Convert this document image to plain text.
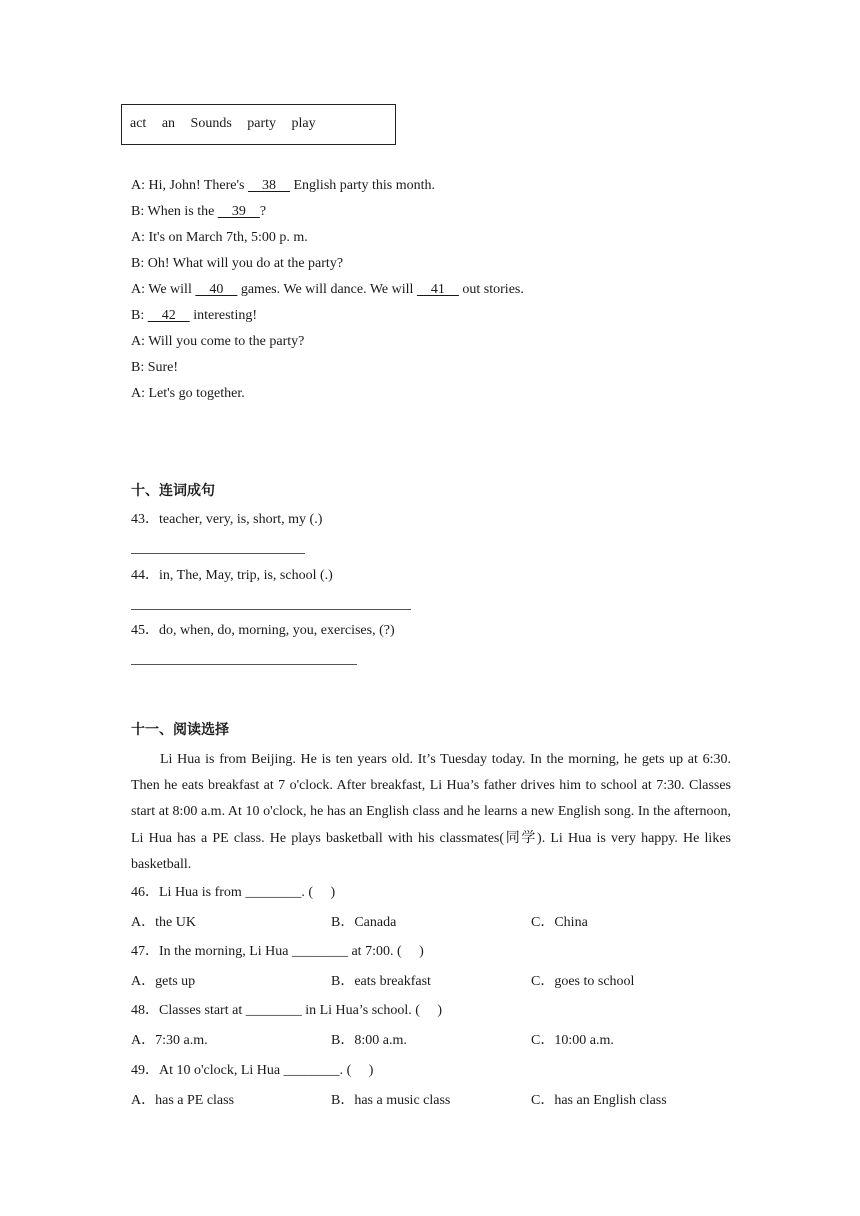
act an Sounds party play
A: Hi, John! There's     38     English party this month.
B: When is the     39    ?
A: It's on March 7th, 5:00 p. m.
B: Oh! What will you do at the party?
A: We will     40     games. We will dance. We will     41     out stories.
B:     42     interesting!
A: Will you come to the party?
B: Sure!
A: Let's go together.
十、连词成句
43．teacher, very, is, short, my (.)
44．in, The, May, trip, is, school (.)
45．do, when, do, morning, you, exercises, (?)
十一、阅读选择
Li Hua is from Beijing. He is ten years old. It’s Tuesday today. In the morning, he gets up at 6:30. Then he eats breakfast at 7 o'clock. After breakfast, Li Hua’s father drives him to school at 7:30. Classes start at 8:00 a.m. At 10 o'clock, he has an English class and he learns a new English song. In the afternoon, Li Hua has a PE class. He plays basketball with his classmates(同学). Li Hua is very happy. He likes basketball.
46．Li Hua is from ________. (　 )
A．the UK	B．Canada	C．China
47．In the morning, Li Hua ________ at 7:00. (　 )
A．gets up	B．eats breakfast	C．goes to school
48．Classes start at ________ in Li Hua’s school. (　 )
A．7:30 a.m.	B．8:00 a.m.	C．10:00 a.m.
49．At 10 o'clock, Li Hua ________. (　 )
A．has a PE class	B．has a music class	C．has an English class
